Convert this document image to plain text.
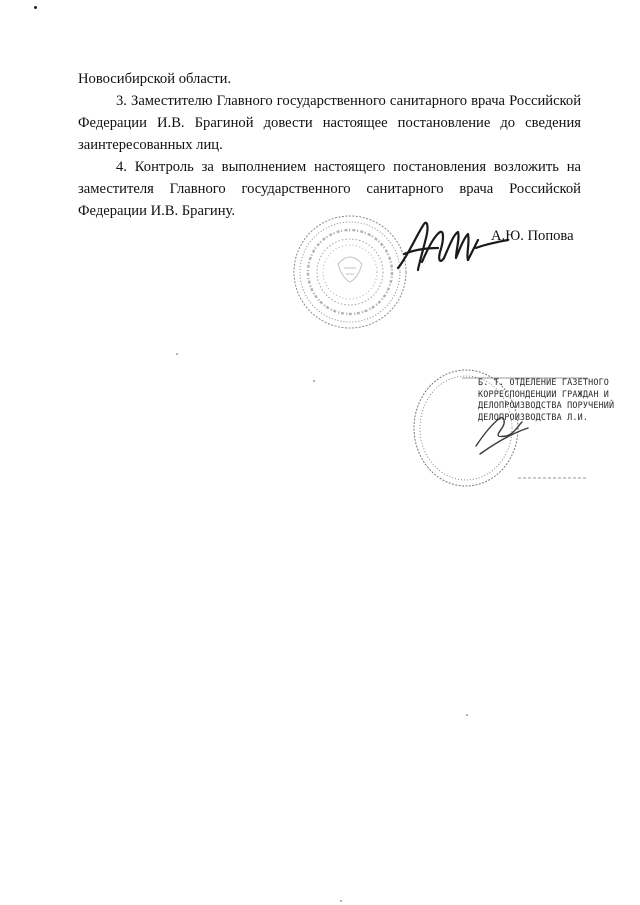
Новосибирской области.

3. Заместителю Главного государственного санитарного врача Российской Федерации И.В. Брагиной довести настоящее постановление до сведения заинтересованных лиц.

4. Контроль за выполнением настоящего постановления возложить на заместителя Главного государственного санитарного врача Российской Федерации И.В. Брагину.

А.Ю. Попова
Б. Т. ОТДЕЛЕНИЕ ГАЗЕТНОГО
КОРРЕСПОНДЕНЦИИ ГРАЖДАН И
ДЕЛОПРОИЗВОДСТВА ПОРУЧЕНИЙ
ДЕЛОПРОИЗВОДСТВА Л.И.
